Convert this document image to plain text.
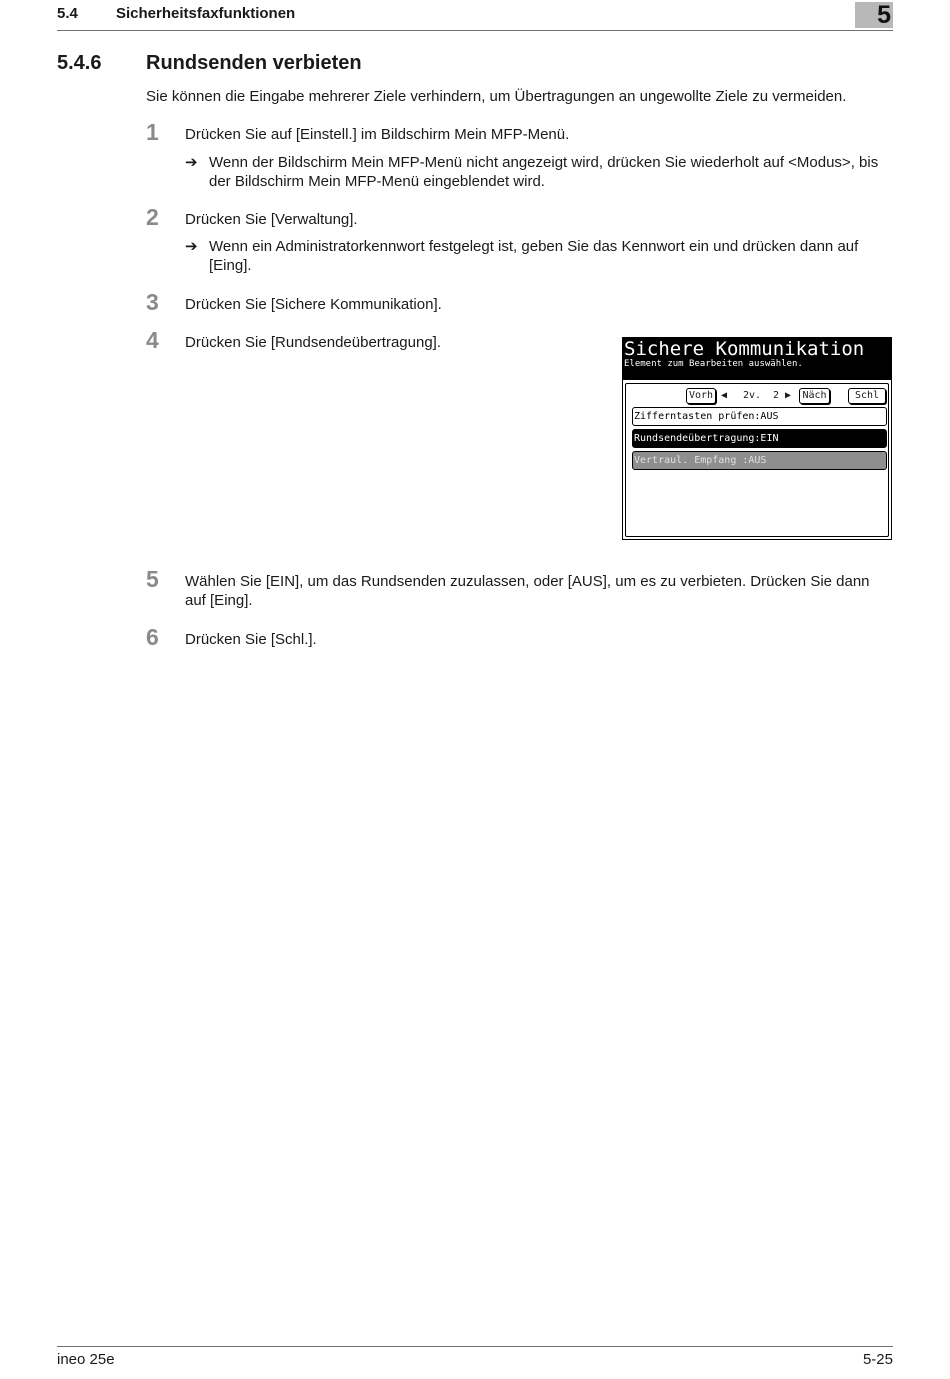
5.4	Sicherheitsfaxfunktionen	5
5.4.6 Rundsenden verbieten
Sie können die Eingabe mehrerer Ziele verhindern, um Übertragungen an ungewollte Ziele zu vermeiden.
1 Drücken Sie auf [Einstell.] im Bildschirm Mein MFP-Menü.
➔ Wenn der Bildschirm Mein MFP-Menü nicht angezeigt wird, drücken Sie wiederholt auf <Modus>, bis der Bildschirm Mein MFP-Menü eingeblendet wird.
2 Drücken Sie [Verwaltung].
➔ Wenn ein Administratorkennwort festgelegt ist, geben Sie das Kennwort ein und drücken dann auf [Eing].
3 Drücken Sie [Sichere Kommunikation].
4 Drücken Sie [Rundsendeübertragung].	Sichere Kommunikation
Element zum Bearbeiten auswählen.
Vorh ◀ 2v. 2 ▶	Näch	Schl
Zifferntasten prüfen:AUS
Rundsendeübertragung:EIN
Vertraul. Empfang :AUS
5 Wählen Sie [EIN], um das Rundsenden zuzulassen, oder [AUS], um es zu verbieten. Drücken Sie dann auf [Eing].
6 Drücken Sie [Schl.].
ineo 25e	5-25
